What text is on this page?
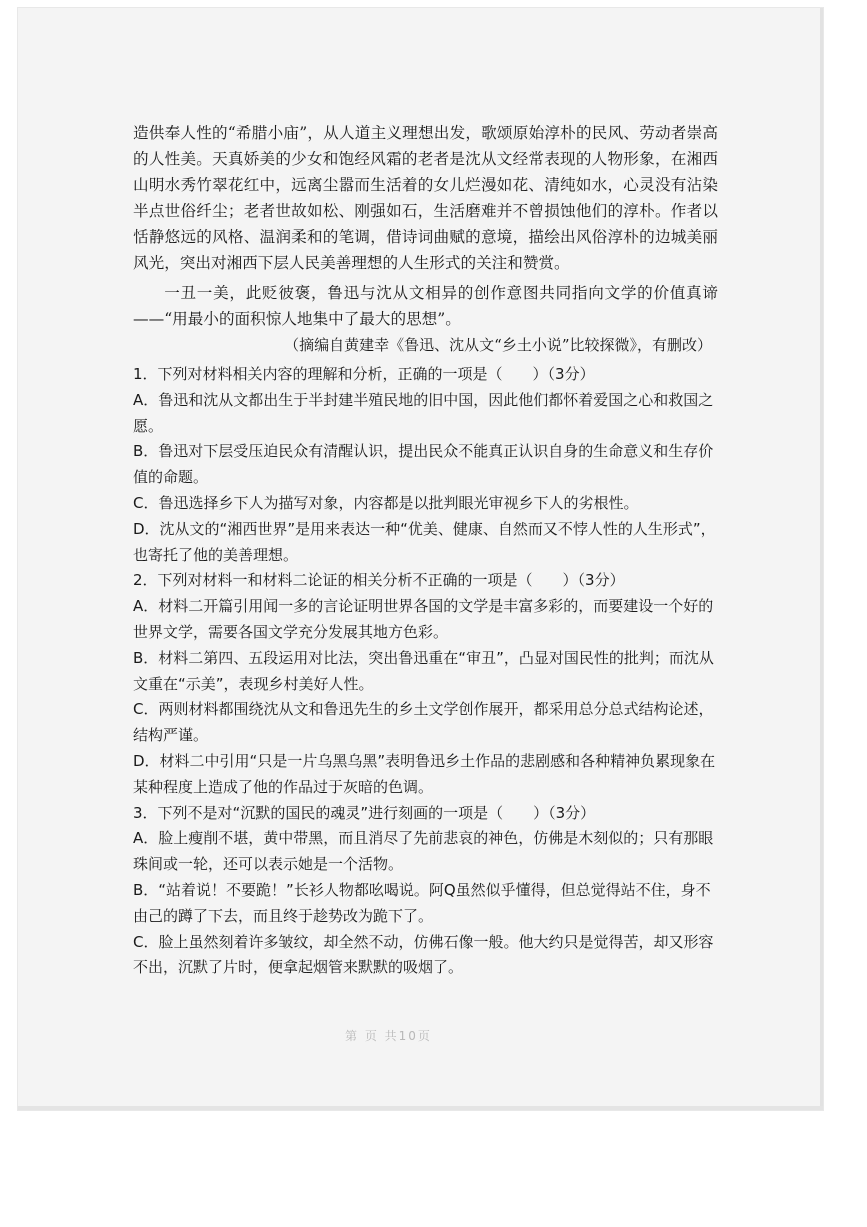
造供奉人性的“希腊小庙”，从人道主义理想出发，歌颂原始淳朴的民风、劳动者崇高的人性美。天真娇美的少女和饱经风霜的老者是沈从文经常表现的人物形象，在湘西山明水秀竹翠花红中，远离尘嚣而生活着的女儿烂漫如花、清纯如水，心灵没有沾染半点世俗纤尘；老者世故如松、刚强如石，生活磨难并不曾损蚀他们的淳朴。作者以恬静悠远的风格、温润柔和的笔调，借诗词曲赋的意境，描绘出风俗淳朴的边城美丽风光，突出对湘西下层人民美善理想的人生形式的关注和赞赏。

一丑一美，此贬彼褒，鲁迅与沈从文相异的创作意图共同指向文学的价值真谛——“用最小的面积惊人地集中了最大的思想”。

（摘编自黄建幸《鲁迅、沈从文“乡土小说”比较探微》，有删改）

1．下列对材料相关内容的理解和分析，正确的一项是（　　）（3分）

A．鲁迅和沈从文都出生于半封建半殖民地的旧中国，因此他们都怀着爱国之心和救国之愿。

B．鲁迅对下层受压迫民众有清醒认识，提出民众不能真正认识自身的生命意义和生存价值的命题。

C．鲁迅选择乡下人为描写对象，内容都是以批判眼光审视乡下人的劣根性。

D．沈从文的“湘西世界”是用来表达一种“优美、健康、自然而又不悖人性的人生形式”，也寄托了他的美善理想。

2．下列对材料一和材料二论证的相关分析不正确的一项是（　　）（3分）

A．材料二开篇引用闻一多的言论证明世界各国的文学是丰富多彩的，而要建设一个好的世界文学，需要各国文学充分发展其地方色彩。

B．材料二第四、五段运用对比法，突出鲁迅重在“审丑”，凸显对国民性的批判；而沈从文重在“示美”，表现乡村美好人性。

C．两则材料都围绕沈从文和鲁迅先生的乡土文学创作展开，都采用总分总式结构论述，结构严谨。

D．材料二中引用“只是一片乌黑乌黑”表明鲁迅乡土作品的悲剧感和各种精神负累现象在某种程度上造成了他的作品过于灰暗的色调。

3．下列不是对“沉默的国民的魂灵”进行刻画的一项是（　　）（3分）

A．脸上瘦削不堪，黄中带黑，而且消尽了先前悲哀的神色，仿佛是木刻似的；只有那眼珠间或一轮，还可以表示她是一个活物。

B．“站着说！不要跪！”长衫人物都吆喝说。阿Q虽然似乎懂得，但总觉得站不住，身不由己的蹲了下去，而且终于趁势改为跪下了。

C．脸上虽然刻着许多皱纹，却全然不动，仿佛石像一般。他大约只是觉得苦，却又形容不出，沉默了片时，便拿起烟管来默默的吸烟了。

第 页 共10页
